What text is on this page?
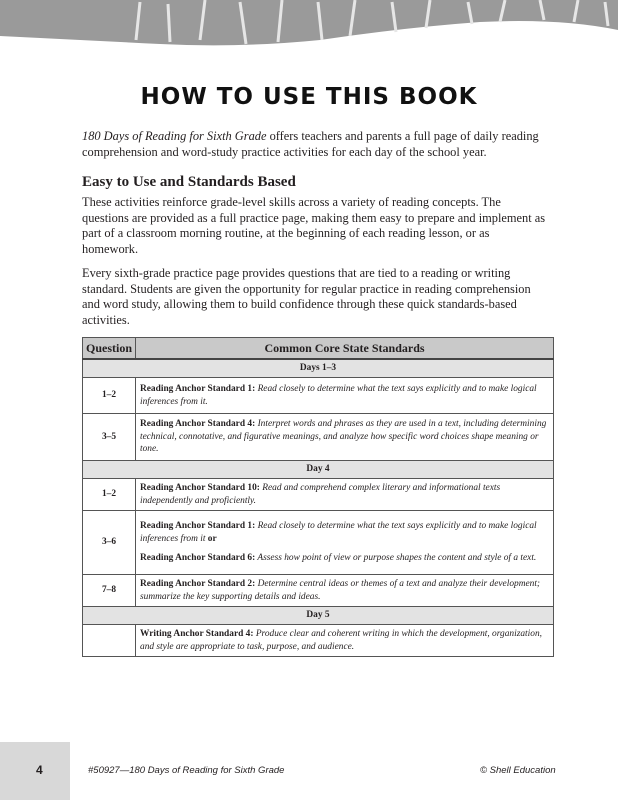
HOW TO USE THIS BOOK

180 Days of Reading for Sixth Grade offers teachers and parents a full page of daily reading comprehension and word-study practice activities for each day of the school year.

Easy to Use and Standards Based

These activities reinforce grade-level skills across a variety of reading concepts. The questions are provided as a full practice page, making them easy to prepare and implement as part of a classroom morning routine, at the beginning of each reading lesson, or as homework.

Every sixth-grade practice page provides questions that are tied to a reading or writing standard. Students are given the opportunity for regular practice in reading comprehension and word study, allowing them to build confidence through these quick standards-based activities.

Question	Common Core State Standards
Days 1–3	
1–2	Reading Anchor Standard 1: Read closely to determine what the text says explicitly and to make logical inferences from it.
3–5	Reading Anchor Standard 4: Interpret words and phrases as they are used in a text, including determining technical, connotative, and figurative meanings, and analyze how specific word choices shape meaning or tone.
Day 4	
1–2	Reading Anchor Standard 10: Read and comprehend complex literary and informational texts independently and proficiently.
3–6	Reading Anchor Standard 1: Read closely to determine what the text says explicitly and to make logical inferences from it or
Reading Anchor Standard 6: Assess how point of view or purpose shapes the content and style of a text.
7–8	Reading Anchor Standard 2: Determine central ideas or themes of a text and analyze their development; summarize the key supporting details and ideas.
Day 5	
	Writing Anchor Standard 4: Produce clear and coherent writing in which the development, organization, and style are appropriate to task, purpose, and audience.
4	#50927—180 Days of Reading for Sixth Grade	© Shell Education
